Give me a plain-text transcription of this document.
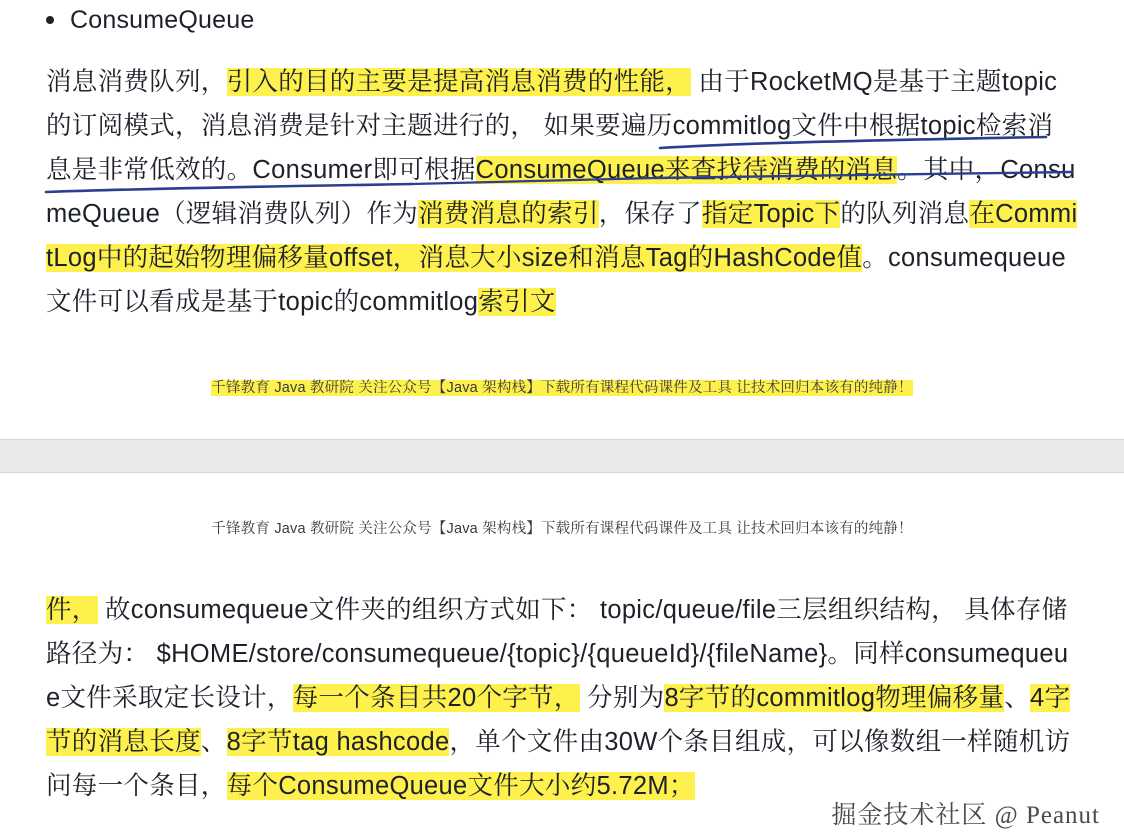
ConsumeQueue
消息消费队列，引入的目的主要是提高消息消费的性能， 由于RocketMQ是基于主题topic的订阅模式，消息消费是针对主题进行的， 如果要遍历commitlog文件中根据topic检索消息是非常低效的。Consumer即可根据ConsumeQueue来查找待消费的消息。其中，ConsumeQueue（逻辑消费队列）作为消费消息的索引，保存了指定Topic下的队列消息在CommitLog中的起始物理偏移量offset，消息大小size和消息Tag的HashCode值。consumequeue文件可以看成是基于topic的commitlog索引文
千锋教育 Java 教研院 关注公众号【Java 架构栈】下载所有课程代码课件及工具 让技术回归本该有的纯静！
千锋教育 Java 教研院 关注公众号【Java 架构栈】下载所有课程代码课件及工具 让技术回归本该有的纯静！
件， 故consumequeue文件夹的组织方式如下： topic/queue/file三层组织结构， 具体存储路径为： $HOME/store/consumequeue/{topic}/{queueId}/{fileName}。同样consumequeue文件采取定长设计，每一个条目共20个字节， 分别为8字节的commitlog物理偏移量、4字节的消息长度、8字节tag hashcode，单个文件由30W个条目组成，可以像数组一样随机访问每一个条目，每个ConsumeQueue文件大小约5.72M；
掘金技术社区 @ Peanut
